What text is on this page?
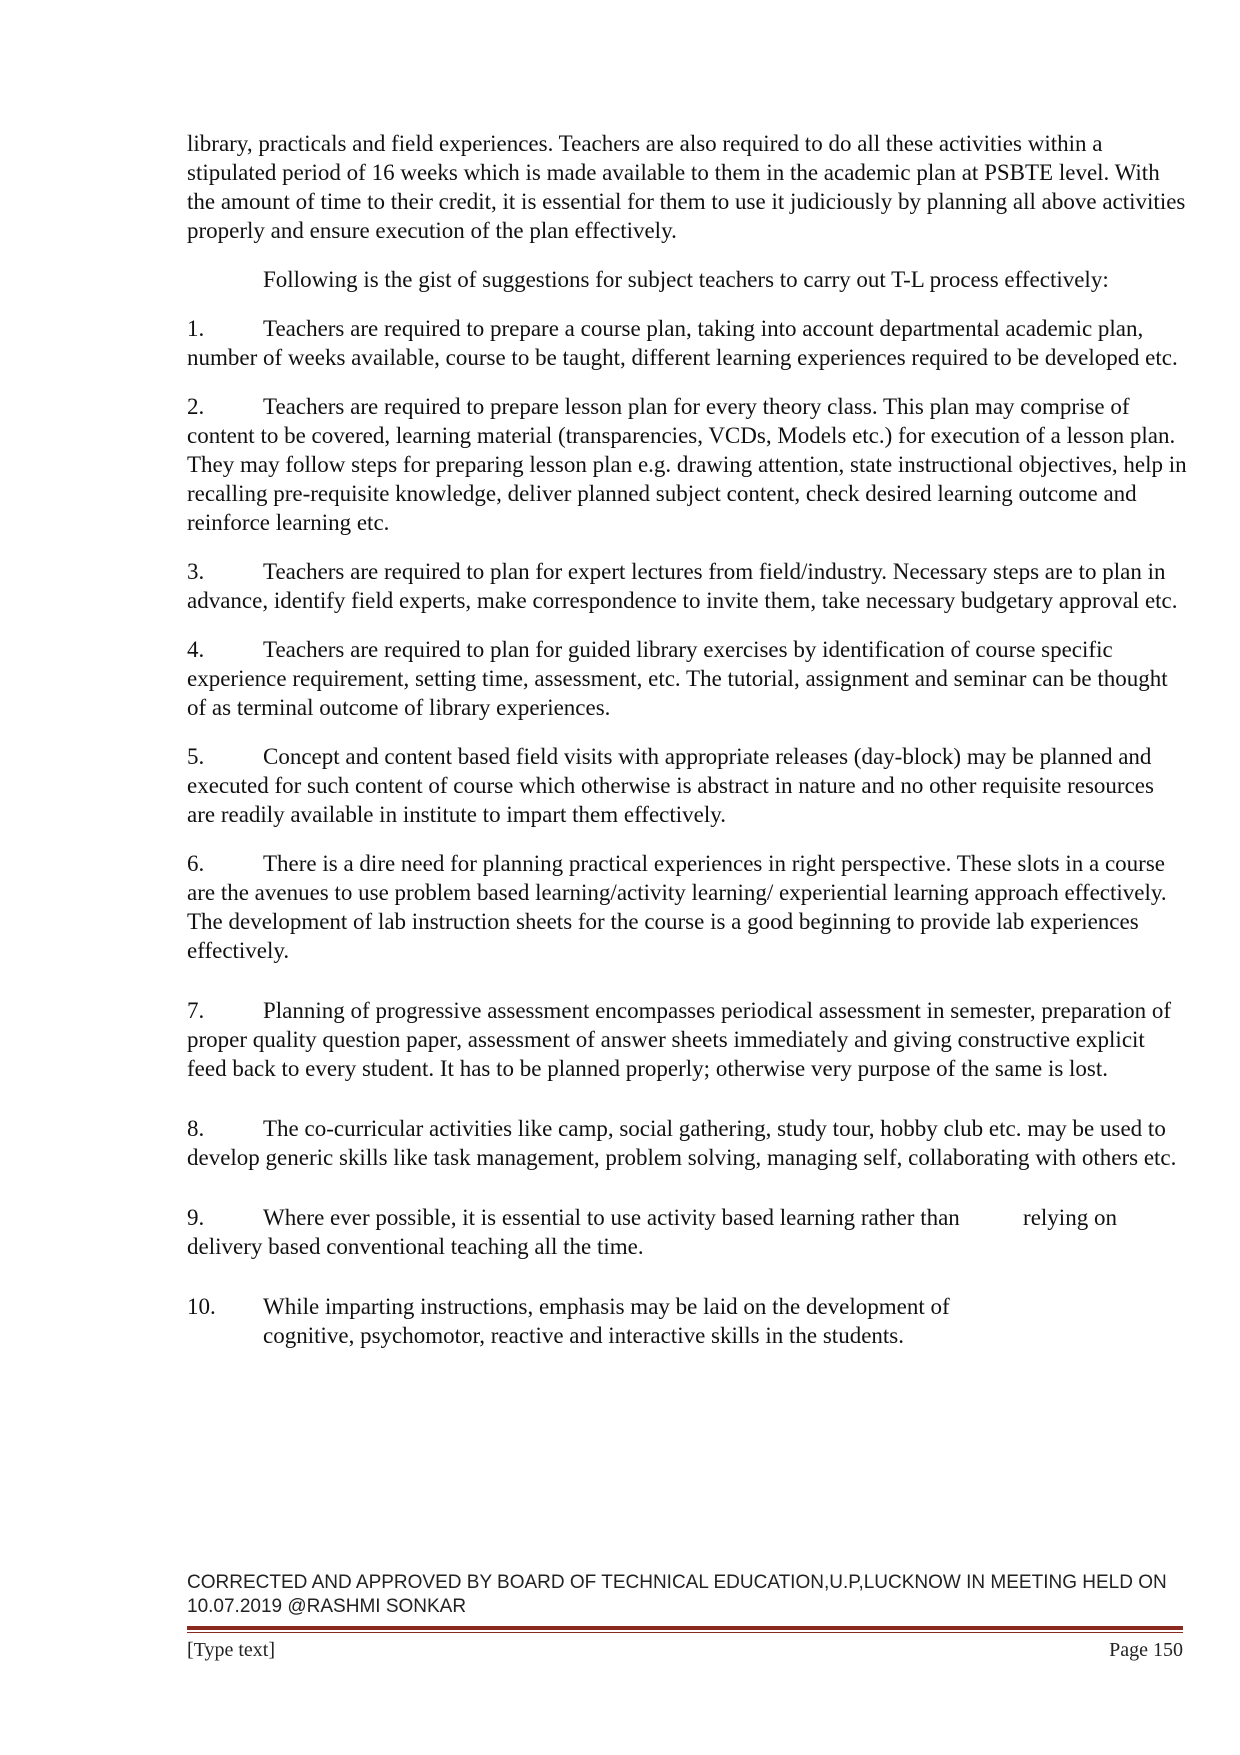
library, practicals and field experiences. Teachers are also required to do all these activities within a stipulated period of 16 weeks which is made available to them in the academic plan at PSBTE level. With the amount of time to their credit, it is essential for them to use it judiciously by planning all above activities properly and ensure execution of the plan effectively.

Following is the gist of suggestions for subject teachers to carry out T-L process effectively:

1.	Teachers are required to prepare a course plan, taking into account departmental academic plan, number of weeks available, course to be taught, different learning experiences required to be developed etc.

2.	Teachers are required to prepare lesson plan for every theory class. This plan may comprise of content to be covered, learning material (transparencies, VCDs, Models etc.) for execution of a lesson plan. They may follow steps for preparing lesson plan e.g. drawing attention, state instructional objectives, help in recalling pre-requisite knowledge, deliver planned subject content, check desired learning outcome and reinforce learning etc.

3.	Teachers are required to plan for expert lectures from field/industry. Necessary steps are to plan in advance, identify field experts, make correspondence to invite them, take necessary budgetary approval etc.

4.	Teachers are required to plan for guided library exercises by identification of course specific experience requirement, setting time, assessment, etc. The tutorial, assignment and seminar can be thought of as terminal outcome of library experiences.

5.	Concept and content based field visits with appropriate releases (day-block) may be planned and executed for such content of course which otherwise is abstract in nature and no other requisite resources are readily available in institute to impart them effectively.

6.	There is a dire need for planning practical experiences in right perspective. These slots in a course are the avenues to use problem based learning/activity learning/ experiential learning approach effectively. The development of lab instruction sheets for the course is a good beginning to provide lab experiences effectively.

7.	Planning of progressive assessment encompasses periodical assessment in semester, preparation of proper quality question paper, assessment of answer sheets immediately and giving constructive explicit feed back to every student. It has to be planned properly; otherwise very purpose of the same is lost.

8.	The co-curricular activities like camp, social gathering, study tour, hobby club etc. may be used to develop generic skills like task management, problem solving, managing self, collaborating with others etc.

9.	Where ever possible, it is essential to use activity based learning rather than           relying on delivery based conventional teaching all the time.

10.	While imparting instructions, emphasis may be laid on the development of cognitive, psychomotor, reactive and interactive skills in the students.

CORRECTED AND APPROVED BY BOARD OF TECHNICAL EDUCATION,U.P,LUCKNOW IN MEETING HELD ON 10.07.2019 @RASHMI SONKAR

[Type text]	Page 150
